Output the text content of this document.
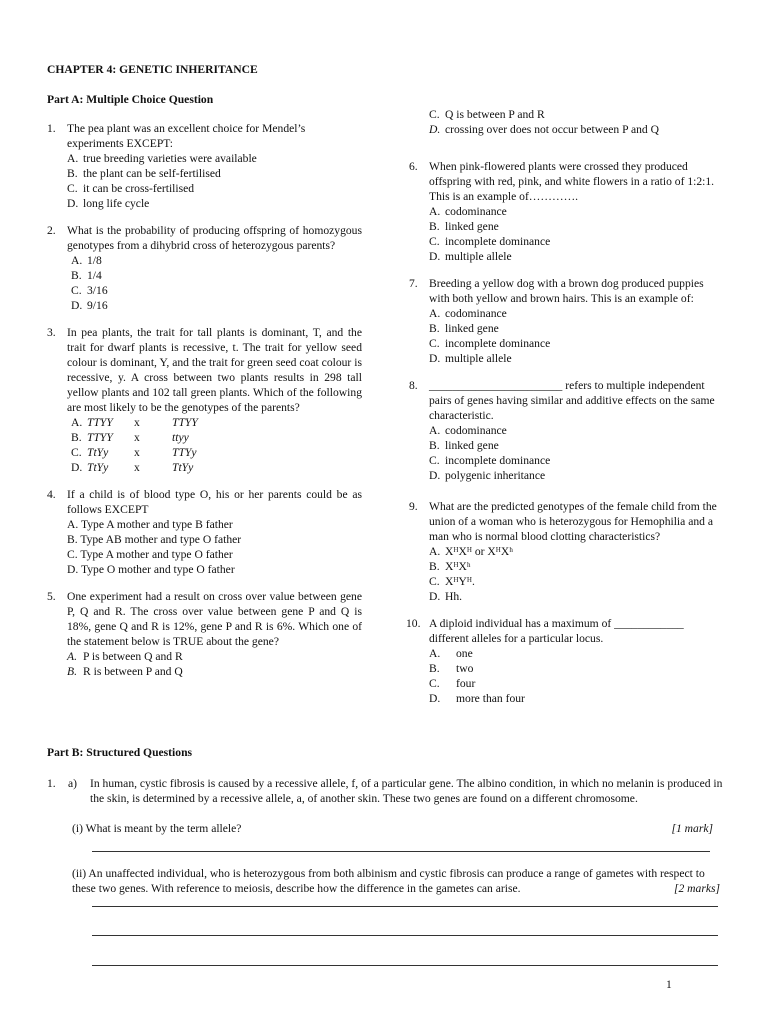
CHAPTER 4: GENETIC INHERITANCE
Part A: Multiple Choice Question
1. The pea plant was an excellent choice for Mendel’s experiments EXCEPT:
A. true breeding varieties were available
B. the plant can be self-fertilised
C. it can be cross-fertilised
D. long life cycle
2. What is the probability of producing offspring of homozygous genotypes from a dihybrid cross of heterozygous parents?
A. 1/8
B. 1/4
C. 3/16
D. 9/16
3. In pea plants, the trait for tall plants is dominant, T, and the trait for dwarf plants is recessive, t. The trait for yellow seed colour is dominant, Y, and the trait for green seed coat colour is recessive, y. A cross between two plants results in 298 tall yellow plants and 102 tall green plants. Which of the following are most likely to be the genotypes of the parents?
A. TTYY	x	TTYY
B. TTYY	x	ttyy
C. TtYy	x	TTYy
D. TtYy	x	TtYy
4. If a child is of blood type O, his or her parents could be as follows EXCEPT
A. Type A mother and type B father
B. Type AB mother and type O father
C. Type A mother and type O father
D. Type O mother and type O father
5. One experiment had a result on cross over value between gene P, Q and R. The cross over value between gene P and Q is 18%, gene Q and R is 12%, gene P and R is 6%. Which one of the statement below is TRUE about the gene?
A. P is between Q and R
B. R is between P and Q
C. Q is between P and R
D. crossing over does not occur between P and Q
6. When pink-flowered plants were crossed they produced offspring with red, pink, and white flowers in a ratio of 1:2:1. This is an example of………….
A. codominance
B. linked gene
C. incomplete dominance
D. multiple allele
7. Breeding a yellow dog with a brown dog produced puppies with both yellow and brown hairs. This is an example of:
A. codominance
B. linked gene
C. incomplete dominance
D. multiple allele
8. _______________________ refers to multiple independent pairs of genes having similar and additive effects on the same characteristic.
A. codominance
B. linked gene
C. incomplete dominance
D. polygenic inheritance
9. What are the predicted genotypes of the female child from the union of a woman who is heterozygous for Hemophilia and a man who is normal blood clotting characteristics?
A. XᴴXᴴ or XᴴXʰ
B. XᴴXʰ
C. XᴴYᴴ.
D. Hh.
10. A diploid individual has a maximum of ____________ different alleles for a particular locus.
A.	one
B.	two
C.	four
D.	more than four
Part B: Structured Questions
1. a) In human, cystic fibrosis is caused by a recessive allele, f, of a particular gene. The albino condition, in which no melanin is produced in the skin, is determined by a recessive allele, a, of another skin. These two genes are found on a different chromosome.
(i) What is meant by the term allele?	[1 mark]
(ii) An unaffected individual, who is heterozygous from both albinism and cystic fibrosis can produce a range of gametes with respect to these two genes. With reference to meiosis, describe how the difference in the gametes can arise.	[2 marks]
1
